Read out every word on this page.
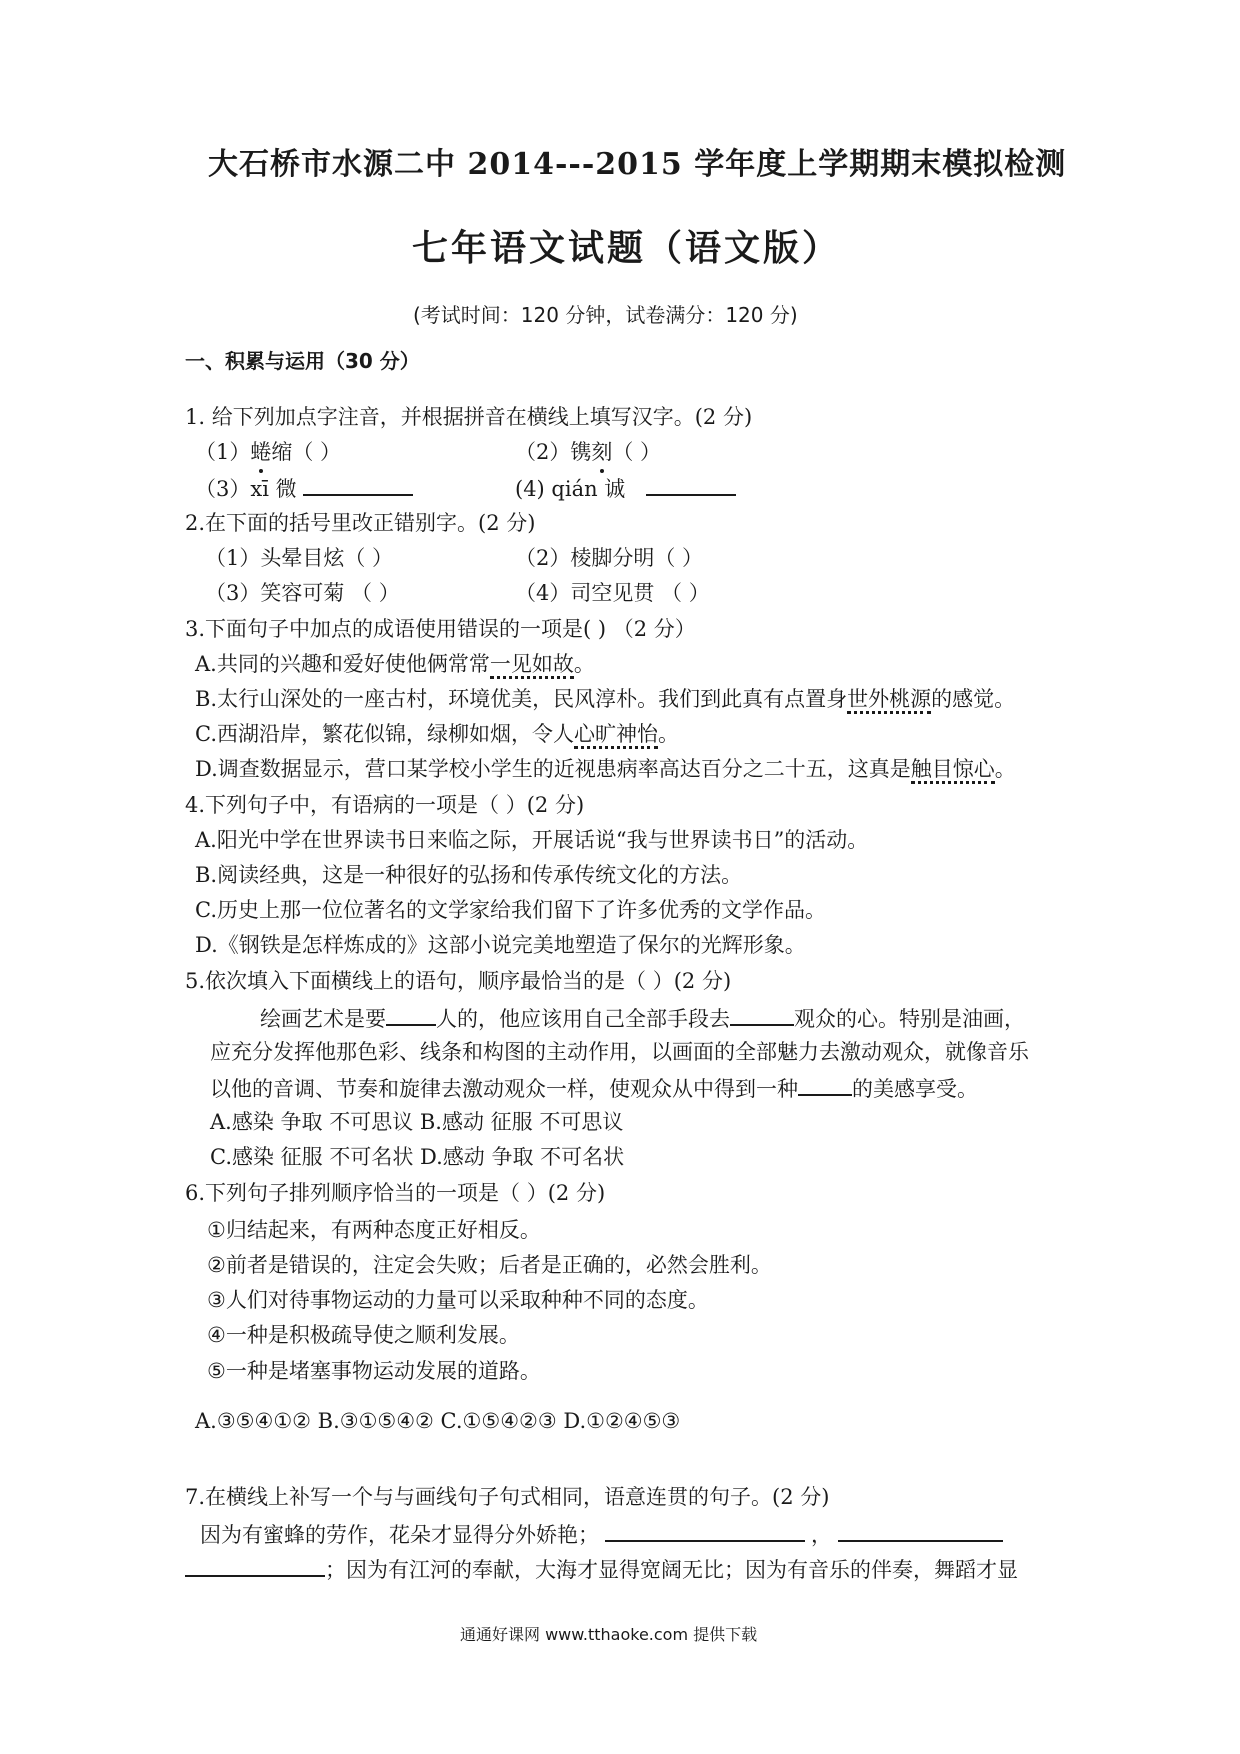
大石桥市水源二中 2014---2015 学年度上学期期末模拟检测
七年语文试题（语文版）
(考试时间：120 分钟，试卷满分：120 分)
一、积累与运用（30 分）
1. 给下列加点字注音，并根据拼音在横线上填写汉字。(2 分)
（1）蜷缩（ ）	（2）镌刻（ ）
（3）xī 微	(4) qián 诚
2.在下面的括号里改正错别字。(2 分)
（1）头晕目炫（ ）	（2）棱脚分明（ ）
（3）笑容可菊 （ ）	（4）司空见贯 （ ）
3.下面句子中加点的成语使用错误的一项是( ) （2 分）
A.共同的兴趣和爱好使他俩常常一见如故。
B.太行山深处的一座古村，环境优美，民风淳朴。我们到此真有点置身世外桃源的感觉。
C.西湖沿岸，繁花似锦，绿柳如烟，令人心旷神怡。
D.调查数据显示，营口某学校小学生的近视患病率高达百分之二十五，这真是触目惊心。
4.下列句子中，有语病的一项是（ ）(2 分)
A.阳光中学在世界读书日来临之际，开展话说“我与世界读书日”的活动。
B.阅读经典，这是一种很好的弘扬和传承传统文化的方法。
C.历史上那一位位著名的文学家给我们留下了许多优秀的文学作品。
D.《钢铁是怎样炼成的》这部小说完美地塑造了保尔的光辉形象。
5.依次填入下面横线上的语句，顺序最恰当的是（ ）(2 分)
绘画艺术是要 人的，他应该用自己全部手段去	观众的心。特别是油画，
应充分发挥他那色彩、线条和构图的主动作用，以画面的全部魅力去激动观众，就像音乐
以他的音调、节奏和旋律去激动观众一样，使观众从中得到一种	的美感享受。
A.感染 争取 不可思议 B.感动 征服 不可思议
C.感染 征服 不可名状 D.感动 争取 不可名状
6.下列句子排列顺序恰当的一项是（ ）(2 分)
①归结起来，有两种态度正好相反。
②前者是错误的，注定会失败；后者是正确的，必然会胜利。
③人们对待事物运动的力量可以采取种种不同的态度。
④一种是积极疏导使之顺利发展。
⑤一种是堵塞事物运动发展的道路。
A.③⑤④①② B.③①⑤④② C.①⑤④②③ D.①②④⑤③
7.在横线上补写一个与与画线句子句式相同，语意连贯的句子。(2 分)
因为有蜜蜂的劳作，花朵才显得分外娇艳；	，
；因为有江河的奉献，大海才显得宽阔无比；因为有音乐的伴奏，舞蹈才显
通通好课网 www.tthaoke.com 提供下载
